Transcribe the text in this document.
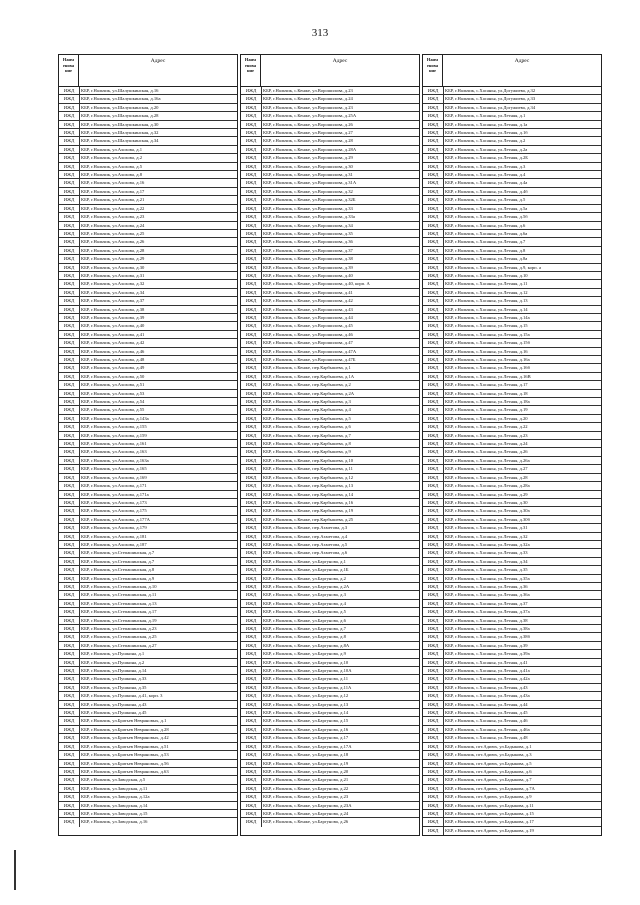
313
Наим енова ние
Адрес
ИЖД	КБР, г.Нальчик, ул.Шалушкинская, д.16
ИЖД	КБР, г.Нальчик, ул.Шалушкинская, д.16а
ИЖД	КБР, г.Нальчик, ул.Шалушкинская, д.20
ИЖД	КБР, г.Нальчик, ул.Шалушкинская, д.28
ИЖД	КБР, г.Нальчик, ул.Шалушкинская, д.30
ИЖД	КБР, г.Нальчик, ул.Шалушкинская, д.32
ИЖД	КБР, г.Нальчик, ул.Шалушкинская, д.34
ИЖД	КБР, г.Нальчик, ул.Ахохова, д.1
ИЖД	КБР, г.Нальчик, ул.Ахохова, д.2
ИЖД	КБР, г.Нальчик, ул.Ахохова, д.5
ИЖД	КБР, г.Нальчик, ул.Ахохова, д.8
ИЖД	КБР, г.Нальчик, ул.Ахохова, д.16
ИЖД	КБР, г.Нальчик, ул.Ахохова, д.17
ИЖД	КБР, г.Нальчик, ул.Ахохова, д.21
ИЖД	КБР, г.Нальчик, ул.Ахохова, д.22
ИЖД	КБР, г.Нальчик, ул.Ахохова, д.23
ИЖД	КБР, г.Нальчик, ул.Ахохова, д.24
ИЖД	КБР, г.Нальчик, ул.Ахохова, д.25
ИЖД	КБР, г.Нальчик, ул.Ахохова, д.26
ИЖД	КБР, г.Нальчик, ул.Ахохова, д.28
ИЖД	КБР, г.Нальчик, ул.Ахохова, д.29
ИЖД	КБР, г.Нальчик, ул.Ахохова, д.30
ИЖД	КБР, г.Нальчик, ул.Ахохова, д.31
ИЖД	КБР, г.Нальчик, ул.Ахохова, д.32
ИЖД	КБР, г.Нальчик, ул.Ахохова, д.34
ИЖД	КБР, г.Нальчик, ул.Ахохова, д.37
ИЖД	КБР, г.Нальчик, ул.Ахохова, д.38
ИЖД	КБР, г.Нальчик, ул.Ахохова, д.39
ИЖД	КБР, г.Нальчик, ул.Ахохова, д.40
ИЖД	КБР, г.Нальчик, ул.Ахохова, д.41
ИЖД	КБР, г.Нальчик, ул.Ахохова, д.42
ИЖД	КБР, г.Нальчик, ул.Ахохова, д.46
ИЖД	КБР, г.Нальчик, ул.Ахохова, д.48
ИЖД	КБР, г.Нальчик, ул.Ахохова, д.49
ИЖД	КБР, г.Нальчик, ул.Ахохова, д.50
ИЖД	КБР, г.Нальчик, ул.Ахохова, д.51
ИЖД	КБР, г.Нальчик, ул.Ахохова, д.53
ИЖД	КБР, г.Нальчик, ул.Ахохова, д.54
ИЖД	КБР, г.Нальчик, ул.Ахохова, д.55
ИЖД	КБР, г.Нальчик, ул.Ахохова, д.143а
ИЖД	КБР, г.Нальчик, ул.Ахохова, д.155
ИЖД	КБР, г.Нальчик, ул.Ахохова, д.159
ИЖД	КБР, г.Нальчик, ул.Ахохова, д.161
ИЖД	КБР, г.Нальчик, ул.Ахохова, д.163
ИЖД	КБР, г.Нальчик, ул.Ахохова, д.163а
ИЖД	КБР, г.Нальчик, ул.Ахохова, д.165
ИЖД	КБР, г.Нальчик, ул.Ахохова, д.169
ИЖД	КБР, г.Нальчик, ул.Ахохова, д.171
ИЖД	КБР, г.Нальчик, ул.Ахохова, д.171а
ИЖД	КБР, г.Нальчик, ул.Ахохова, д.173
ИЖД	КБР, г.Нальчик, ул.Ахохова, д.175
ИЖД	КБР, г.Нальчик, ул.Ахохова, д.177А
ИЖД	КБР, г.Нальчик, ул.Ахохова, д.179
ИЖД	КБР, г.Нальчик, ул.Ахохова, д.181
ИЖД	КБР, г.Нальчик, ул.Ахохова, д.187
ИЖД	КБР, г.Нальчик, ул.Степашинская, д.7
ИЖД	КБР, г.Нальчик, ул.Степашинская, д.7
ИЖД	КБР, г.Нальчик, ул.Степашинская, д.8
ИЖД	КБР, г.Нальчик, ул.Степашинская, д.9
ИЖД	КБР, г.Нальчик, ул.Степашинская, д.10
ИЖД	КБР, г.Нальчик, ул.Степашинская, д.11
ИЖД	КБР, г.Нальчик, ул.Степашинская, д.13
ИЖД	КБР, г.Нальчик, ул.Степашинская, д.17
ИЖД	КБР, г.Нальчик, ул.Степашинская, д.19
ИЖД	КБР, г.Нальчик, ул.Степашинская, д.23
ИЖД	КБР, г.Нальчик, ул.Степашинская, д.25
ИЖД	КБР, г.Нальчик, ул.Степашинская, д.27
ИЖД	КБР, г.Нальчик, ул.Пушкина, д.1
ИЖД	КБР, г.Нальчик, ул.Пушкина, д.2
ИЖД	КБР, г.Нальчик, ул.Пушкина, д.14
ИЖД	КБР, г.Нальчик, ул.Пушкина, д.33
ИЖД	КБР, г.Нальчик, ул.Пушкина, д.35
ИЖД	КБР, г.Нальчик, ул.Пушкина, д.41, корп. 3
ИЖД	КБР, г.Нальчик, ул.Пушкина, д.43
ИЖД	КБР, г.Нальчик, ул.Пушкина, д.45
ИЖД	КБР, г.Нальчик, ул.Братьев Неврановых, д.1
ИЖД	КБР, г.Нальчик, ул.Братьев Неврановых, д.28
ИЖД	КБР, г.Нальчик, ул.Братьев Неврановых, д.42
ИЖД	КБР, г.Нальчик, ул.Братьев Неврановых, д.51
ИЖД	КБР, г.Нальчик, ул.Братьев Неврановых, д.53
ИЖД	КБР, г.Нальчик, ул.Братьев Неврановых, д.56
ИЖД	КБР, г.Нальчик, ул.Братьев Неврановых, д.63
ИЖД	КБР, г.Нальчик, ул.Заводская, д.5
ИЖД	КБР, г.Нальчик, ул.Заводская, д.11
ИЖД	КБР, г.Нальчик, ул.Заводская, д.12а
ИЖД	КБР, г.Нальчик, ул.Заводская, д.14
ИЖД	КБР, г.Нальчик, ул.Заводская, д.15
ИЖД	КБР, г.Нальчик, ул.Заводская, д.16
Наим енова ние
Адрес
ИЖД	КБР, г.Нальчик, с.Кенже, ул.Ворошилова, д.23
ИЖД	КБР, г.Нальчик, с.Кенже, ул.Ворошилова, д.24
ИЖД	КБР, г.Нальчик, с.Кенже, ул.Ворошилова, д.23
ИЖД	КБР, г.Нальчик, с.Кенже, ул.Ворошилова, д.25А
ИЖД	КБР, г.Нальчик, с.Кенже, ул.Ворошилова, д.26
ИЖД	КБР, г.Нальчик, с.Кенже, ул.Ворошилова, д.27
ИЖД	КБР, г.Нальчик, с.Кенже, ул.Ворошилова, д.28
ИЖД	КБР, г.Нальчик, с.Кенже, ул.Ворошилова, д.28А
ИЖД	КБР, г.Нальчик, с.Кенже, ул.Ворошилова, д.29
ИЖД	КБР, г.Нальчик, с.Кенже, ул.Ворошилова, д.30
ИЖД	КБР, г.Нальчик, с.Кенже, ул.Ворошилова, д.31
ИЖД	КБР, г.Нальчик, с.Кенже, ул.Ворошилова, д.31А
ИЖД	КБР, г.Нальчик, с.Кенже, ул.Ворошилова, д.32
ИЖД	КБР, г.Нальчик, с.Кенже, ул.Ворошилова, д.32Б
ИЖД	КБР, г.Нальчик, с.Кенже, ул.Ворошилова, д.33
ИЖД	КБР, г.Нальчик, с.Кенже, ул.Ворошилова, д.33а
ИЖД	КБР, г.Нальчик, с.Кенже, ул.Ворошилова, д.34
ИЖД	КБР, г.Нальчик, с.Кенже, ул.Ворошилова, д.35
ИЖД	КБР, г.Нальчик, с.Кенже, ул.Ворошилова, д.36
ИЖД	КБР, г.Нальчик, с.Кенже, ул.Ворошилова, д.37
ИЖД	КБР, г.Нальчик, с.Кенже, ул.Ворошилова, д.38
ИЖД	КБР, г.Нальчик, с.Кенже, ул.Ворошилова, д.39
ИЖД	КБР, г.Нальчик, с.Кенже, ул.Ворошилова, д.40
ИЖД	КБР, г.Нальчик, с.Кенже, ул.Ворошилова, д.40, корп. А
ИЖД	КБР, г.Нальчик, с.Кенже, ул.Ворошилова, д.41
ИЖД	КБР, г.Нальчик, с.Кенже, ул.Ворошилова, д.42
ИЖД	КБР, г.Нальчик, с.Кенже, ул.Ворошилова, д.43
ИЖД	КБР, г.Нальчик, с.Кенже, ул.Ворошилова, д.44
ИЖД	КБР, г.Нальчик, с.Кенже, ул.Ворошилова, д.45
ИЖД	КБР, г.Нальчик, с.Кенже, ул.Ворошилова, д.46
ИЖД	КБР, г.Нальчик, с.Кенже, ул.Ворошилова, д.47
ИЖД	КБР, г.Нальчик, с.Кенже, ул.Ворошилова, д.47А
ИЖД	КБР, г.Нальчик, с.Кенже, ул.Ворошилова, д.47Б
ИЖД	КБР, г.Нальчик, с.Кенже, пер.Карбышева, д.1
ИЖД	КБР, г.Нальчик, с.Кенже, пер.Карбышева, д.1А
ИЖД	КБР, г.Нальчик, с.Кенже, пер.Карбышева, д.2
ИЖД	КБР, г.Нальчик, с.Кенже, пер.Карбышева, д.2А
ИЖД	КБР, г.Нальчик, с.Кенже, пер.Карбышева, д.3
ИЖД	КБР, г.Нальчик, с.Кенже, пер.Карбышева, д.4
ИЖД	КБР, г.Нальчик, с.Кенже, пер.Карбышева, д.5
ИЖД	КБР, г.Нальчик, с.Кенже, пер.Карбышева, д.6
ИЖД	КБР, г.Нальчик, с.Кенже, пер.Карбышева, д.7
ИЖД	КБР, г.Нальчик, с.Кенже, пер.Карбышева, д.8
ИЖД	КБР, г.Нальчик, с.Кенже, пер.Карбышева, д.9
ИЖД	КБР, г.Нальчик, с.Кенже, пер.Карбышева, д.10
ИЖД	КБР, г.Нальчик, с.Кенже, пер.Карбышева, д.11
ИЖД	КБР, г.Нальчик, с.Кенже, пер.Карбышева, д.12
ИЖД	КБР, г.Нальчик, с.Кенже, пер.Карбышева, д.13
ИЖД	КБР, г.Нальчик, с.Кенже, пер.Карбышева, д.14
ИЖД	КБР, г.Нальчик, с.Кенже, пер.Карбышева, д.16
ИЖД	КБР, г.Нальчик, с.Кенже, пер.Карбышева, д.19
ИЖД	КБР, г.Нальчик, с.Кенже, пер.Карбышева, д.25
ИЖД	КБР, г.Нальчик, с.Кенже, пер.Ахметова, д.3
ИЖД	КБР, г.Нальчик, с.Кенже, пер.Ахметова, д.4
ИЖД	КБР, г.Нальчик, с.Кенже, пер.Ахметова, д.5
ИЖД	КБР, г.Нальчик, с.Кенже, пер.Ахметова, д.6
ИЖД	КБР, г.Нальчик, с.Кенже, ул.Баргунова, д.1
ИЖД	КБР, г.Нальчик, с.Кенже, ул.Баргунова, д.1Б
ИЖД	КБР, г.Нальчик, с.Кенже, ул.Баргунова, д.2
ИЖД	КБР, г.Нальчик, с.Кенже, ул.Баргунова, д.2А
ИЖД	КБР, г.Нальчик, с.Кенже, ул.Баргунова, д.3
ИЖД	КБР, г.Нальчик, с.Кенже, ул.Баргунова, д.4
ИЖД	КБР, г.Нальчик, с.Кенже, ул.Баргунова, д.5
ИЖД	КБР, г.Нальчик, с.Кенже, ул.Баргунова, д.6
ИЖД	КБР, г.Нальчик, с.Кенже, ул.Баргунова, д.7
ИЖД	КБР, г.Нальчик, с.Кенже, ул.Баргунова, д.8
ИЖД	КБР, г.Нальчик, с.Кенже, ул.Баргунова, д.8А
ИЖД	КБР, г.Нальчик, с.Кенже, ул.Баргунова, д.9
ИЖД	КБР, г.Нальчик, с.Кенже, ул.Баргунова, д.10
ИЖД	КБР, г.Нальчик, с.Кенже, ул.Баргунова, д.10А
ИЖД	КБР, г.Нальчик, с.Кенже, ул.Баргунова, д.11
ИЖД	КБР, г.Нальчик, с.Кенже, ул.Баргунова, д.11А
ИЖД	КБР, г.Нальчик, с.Кенже, ул.Баргунова, д.12
ИЖД	КБР, г.Нальчик, с.Кенже, ул.Баргунова, д.13
ИЖД	КБР, г.Нальчик, с.Кенже, ул.Баргунова, д.14
ИЖД	КБР, г.Нальчик, с.Кенже, ул.Баргунова, д.15
ИЖД	КБР, г.Нальчик, с.Кенже, ул.Баргунова, д.16
ИЖД	КБР, г.Нальчик, с.Кенже, ул.Баргунова, д.17
ИЖД	КБР, г.Нальчик, с.Кенже, ул.Баргунова, д.17А
ИЖД	КБР, г.Нальчик, с.Кенже, ул.Баргунова, д.18
ИЖД	КБР, г.Нальчик, с.Кенже, ул.Баргунова, д.19
ИЖД	КБР, г.Нальчик, с.Кенже, ул.Баргунова, д.20
ИЖД	КБР, г.Нальчик, с.Кенже, ул.Баргунова, д.21
ИЖД	КБР, г.Нальчик, с.Кенже, ул.Баргунова, д.22
ИЖД	КБР, г.Нальчик, с.Кенже, ул.Баргунова, д.23
ИЖД	КБР, г.Нальчик, с.Кенже, ул.Баргунова, д.23А
ИЖД	КБР, г.Нальчик, с.Кенже, ул.Баргунова, д.24
ИЖД	КБР, г.Нальчик, с.Кенже, ул.Баргунова, д.26
Наим енова ние
Адрес
ИЖД	КБР, г.Нальчик, с.Хасанья, ул.Догужиева, д.32
ИЖД	КБР, г.Нальчик, с.Хасанья, ул.Догужиева, д.33
ИЖД	КБР, г.Нальчик, с.Хасанья, ул.Догужиева, д.34
ИЖД	КБР, г.Нальчик, с.Хасанья, ул.Летняя, д.1
ИЖД	КБР, г.Нальчик, с.Хасанья, ул.Летняя, д.1а
ИЖД	КБР, г.Нальчик, с.Хасанья, ул.Летняя, д.1б
ИЖД	КБР, г.Нальчик, с.Хасанья, ул.Летняя, д.2
ИЖД	КБР, г.Нальчик, с.Хасанья, ул.Летняя, д.2а
ИЖД	КБР, г.Нальчик, с.Хасанья, ул.Летняя, д.2Б
ИЖД	КБР, г.Нальчик, с.Хасанья, ул.Летняя, д.3
ИЖД	КБР, г.Нальчик, с.Хасанья, ул.Летняя, д.4
ИЖД	КБР, г.Нальчик, с.Хасанья, ул.Летняя, д.4а
ИЖД	КБР, г.Нальчик, с.Хасанья, ул.Летняя, д.4б
ИЖД	КБР, г.Нальчик, с.Хасанья, ул.Летняя, д.5
ИЖД	КБР, г.Нальчик, с.Хасанья, ул.Летняя, д.5а
ИЖД	КБР, г.Нальчик, с.Хасанья, ул.Летняя, д.5б
ИЖД	КБР, г.Нальчик, с.Хасанья, ул.Летняя, д.6
ИЖД	КБР, г.Нальчик, с.Хасанья, ул.Летняя, д.6а
ИЖД	КБР, г.Нальчик, с.Хасанья, ул.Летняя, д.7
ИЖД	КБР, г.Нальчик, с.Хасанья, ул.Летняя, д.8
ИЖД	КБР, г.Нальчик, с.Хасанья, ул.Летняя, д.8а
ИЖД	КБР, г.Нальчик, с.Хасанья, ул.Летняя, д.9, корп. а
ИЖД	КБР, г.Нальчик, с.Хасанья, ул.Летняя, д.10
ИЖД	КБР, г.Нальчик, с.Хасанья, ул.Летняя, д.11
ИЖД	КБР, г.Нальчик, с.Хасанья, ул.Летняя, д.12
ИЖД	КБР, г.Нальчик, с.Хасанья, ул.Летняя, д.13
ИЖД	КБР, г.Нальчик, с.Хасанья, ул.Летняя, д.14
ИЖД	КБР, г.Нальчик, с.Хасанья, ул.Летняя, д.14а
ИЖД	КБР, г.Нальчик, с.Хасанья, ул.Летняя, д.15
ИЖД	КБР, г.Нальчик, с.Хасанья, ул.Летняя, д.15а
ИЖД	КБР, г.Нальчик, с.Хасанья, ул.Летняя, д.15б
ИЖД	КБР, г.Нальчик, с.Хасанья, ул.Летняя, д.16
ИЖД	КБР, г.Нальчик, с.Хасанья, ул.Летняя, д.16а
ИЖД	КБР, г.Нальчик, с.Хасанья, ул.Летняя, д.16б
ИЖД	КБР, г.Нальчик, с.Хасанья, ул.Летняя, д.16В
ИЖД	КБР, г.Нальчик, с.Хасанья, ул.Летняя, д.17
ИЖД	КБР, г.Нальчик, с.Хасанья, ул.Летняя, д.18
ИЖД	КБР, г.Нальчик, с.Хасанья, ул.Летняя, д.18а
ИЖД	КБР, г.Нальчик, с.Хасанья, ул.Летняя, д.19
ИЖД	КБР, г.Нальчик, с.Хасанья, ул.Летняя, д.20
ИЖД	КБР, г.Нальчик, с.Хасанья, ул.Летняя, д.22
ИЖД	КБР, г.Нальчик, с.Хасанья, ул.Летняя, д.23
ИЖД	КБР, г.Нальчик, с.Хасанья, ул.Летняя, д.24
ИЖД	КБР, г.Нальчик, с.Хасанья, ул.Летняя, д.26
ИЖД	КБР, г.Нальчик, с.Хасанья, ул.Летняя, д.26а
ИЖД	КБР, г.Нальчик, с.Хасанья, ул.Летняя, д.27
ИЖД	КБР, г.Нальчик, с.Хасанья, ул.Летняя, д.28
ИЖД	КБР, г.Нальчик, с.Хасанья, ул.Летняя, д.28а
ИЖД	КБР, г.Нальчик, с.Хасанья, ул.Летняя, д.29
ИЖД	КБР, г.Нальчик, с.Хасанья, ул.Летняя, д.30
ИЖД	КБР, г.Нальчик, с.Хасанья, ул.Летняя, д.30а
ИЖД	КБР, г.Нальчик, с.Хасанья, ул.Летняя, д.30б
ИЖД	КБР, г.Нальчик, с.Хасанья, ул.Летняя, д.31
ИЖД	КБР, г.Нальчик, с.Хасанья, ул.Летняя, д.32
ИЖД	КБР, г.Нальчик, с.Хасанья, ул.Летняя, д.32а
ИЖД	КБР, г.Нальчик, с.Хасанья, ул.Летняя, д.33
ИЖД	КБР, г.Нальчик, с.Хасанья, ул.Летняя, д.34
ИЖД	КБР, г.Нальчик, с.Хасанья, ул.Летняя, д.35
ИЖД	КБР, г.Нальчик, с.Хасанья, ул.Летняя, д.35а
ИЖД	КБР, г.Нальчик, с.Хасанья, ул.Летняя, д.36
ИЖД	КБР, г.Нальчик, с.Хасанья, ул.Летняя, д.36а
ИЖД	КБР, г.Нальчик, с.Хасанья, ул.Летняя, д.37
ИЖД	КБР, г.Нальчик, с.Хасанья, ул.Летняя, д.37а
ИЖД	КБР, г.Нальчик, с.Хасанья, ул.Летняя, д.38
ИЖД	КБР, г.Нальчик, с.Хасанья, ул.Летняя, д.38а
ИЖД	КБР, г.Нальчик, с.Хасанья, ул.Летняя, д.38б
ИЖД	КБР, г.Нальчик, с.Хасанья, ул.Летняя, д.39
ИЖД	КБР, г.Нальчик, с.Хасанья, ул.Летняя, д.39а
ИЖД	КБР, г.Нальчик, с.Хасанья, ул.Летняя, д.41
ИЖД	КБР, г.Нальчик, с.Хасанья, ул.Летняя, д.41а
ИЖД	КБР, г.Нальчик, с.Хасанья, ул.Летняя, д.42а
ИЖД	КБР, г.Нальчик, с.Хасанья, ул.Летняя, д.43
ИЖД	КБР, г.Нальчик, с.Хасанья, ул.Летняя, д.43а
ИЖД	КБР, г.Нальчик, с.Хасанья, ул.Летняя, д.44
ИЖД	КБР, г.Нальчик, с.Хасанья, ул.Летняя, д.45
ИЖД	КБР, г.Нальчик, с.Хасанья, ул.Летняя, д.46
ИЖД	КБР, г.Нальчик, с.Хасанья, ул.Летняя, д.46а
ИЖД	КБР, г.Нальчик, с.Хасанья, ул.Летняя, д.48
ИЖД	КБР, г.Нальчик, пгт.Адиюх, ул.Бадыкова, д.1
ИЖД	КБР, г.Нальчик, пгт.Адиюх, ул.Бадыкова, д.3
ИЖД	КБР, г.Нальчик, пгт.Адиюх, ул.Бадыкова, д.5
ИЖД	КБР, г.Нальчик, пгт.Адиюх, ул.Бадыкова, д.6
ИЖД	КБР, г.Нальчик, пгт.Адиюх, ул.Бадыкова, д.7
ИЖД	КБР, г.Нальчик, пгт.Адиюх, ул.Бадыкова, д.7А
ИЖД	КБР, г.Нальчик, пгт.Адиюх, ул.Бадыкова, д.9
ИЖД	КБР, г.Нальчик, пгт.Адиюх, ул.Бадыкова, д.11
ИЖД	КБР, г.Нальчик, пгт.Адиюх, ул.Бадыкова, д.15
ИЖД	КБР, г.Нальчик, пгт.Адиюх, ул.Бадыкова, д.17
ИЖД	КБР, г.Нальчик, пгт.Адиюх, ул.Бадыкова, д.19
